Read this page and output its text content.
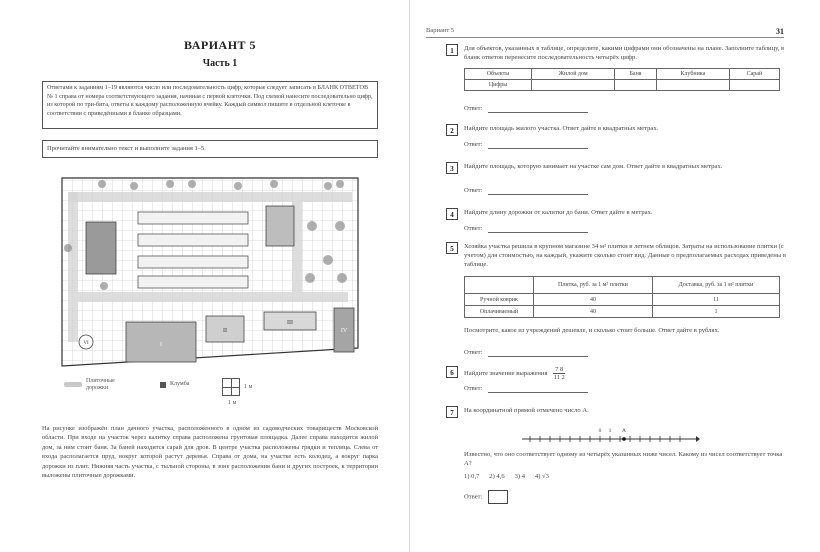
ВАРИАНТ 5
Часть 1
Ответами к заданиям 1–19 являются число или последовательность цифр, которые следует записать в БЛАНК ОТВЕТОВ № 1 справа от номера соответствующего задания, начиная с первой клеточки. Под схемой нанесите последовательно цифр, из которой по три-бита, ответы к каждому расположенную ячейку. Каждый символ пишите в отдельной клеточке в соответствии с приведёнными в бланке образцами.
Прочитайте внимательно текст и выполните задания 1–5.
I
II
III
IV
VI
Плиточные дорожки
Клумба	1 м
1 м
На рисунке изображён план дачного участка, расположенного в одном из садоводческих товариществ Московской области. При входе на участок через калитку справа расположена грунтовая площадка. Далее справа находится жилой дом, за ним стоит баня. За баней находится сарай для дров. В центре участка расположены грядки и теплица. Слева от входа располагается пруд, вокруг которой растут деревья. Справа от дома, на участке есть колодец, а вокруг парка дорожки из плит. Нижняя часть участка, с тыльной стороны, в зоне расположения бани и других построек, к территории выложены плиточные дорожками.
Вариант 5	31
1	Для объектов, указанных в таблице, определите, какими цифрами они обозначены на плане. Заполните таблицу, в бланк ответов перенесите последовательность четырёх цифр.
Объекты	Жилой дом	Баня	Клубника	Сарай
Цифры				
Ответ:
2	Найдите площадь жилого участка. Ответ дайте в квадратных метрах.
Ответ:
3	Найдите площадь, которую занимает на участке сам дом. Ответ дайте в квадратных метрах.
Ответ:
4	Найдите длину дорожки от калитки до бани. Ответ дайте в метрах.
Ответ:
5	Хозяйка участка решила в крупном магазине 34 м² плитки в летнем облицов. Затраты на использование плитки (с учетом) для стоимостью, на каждый, укажите сколько стоит вид. Данные о предполагаемых расходах приведены в таблице.
	Плитка, руб. за 1 м² плитки	Доставка, руб. за 1 м² плитки
Ручной коврик	40	11
Оплачиваемый	40	1
Посмотрите, какое из учреждений дешевле, и сколько стоит больше. Ответ дайте в рублях.
Ответ:
6	Найдите значение выражения $\frac{7 8}{11 2}$
Ответ:
7	На координатной прямой отмечено число A.
0 1 A
Известно, что оно соответствует одному из четырёх указанных ниже чисел. Какому из чисел соответствует точка A?
1) 0,7 2) 4,6 3) 4 4) √3
Ответ:
